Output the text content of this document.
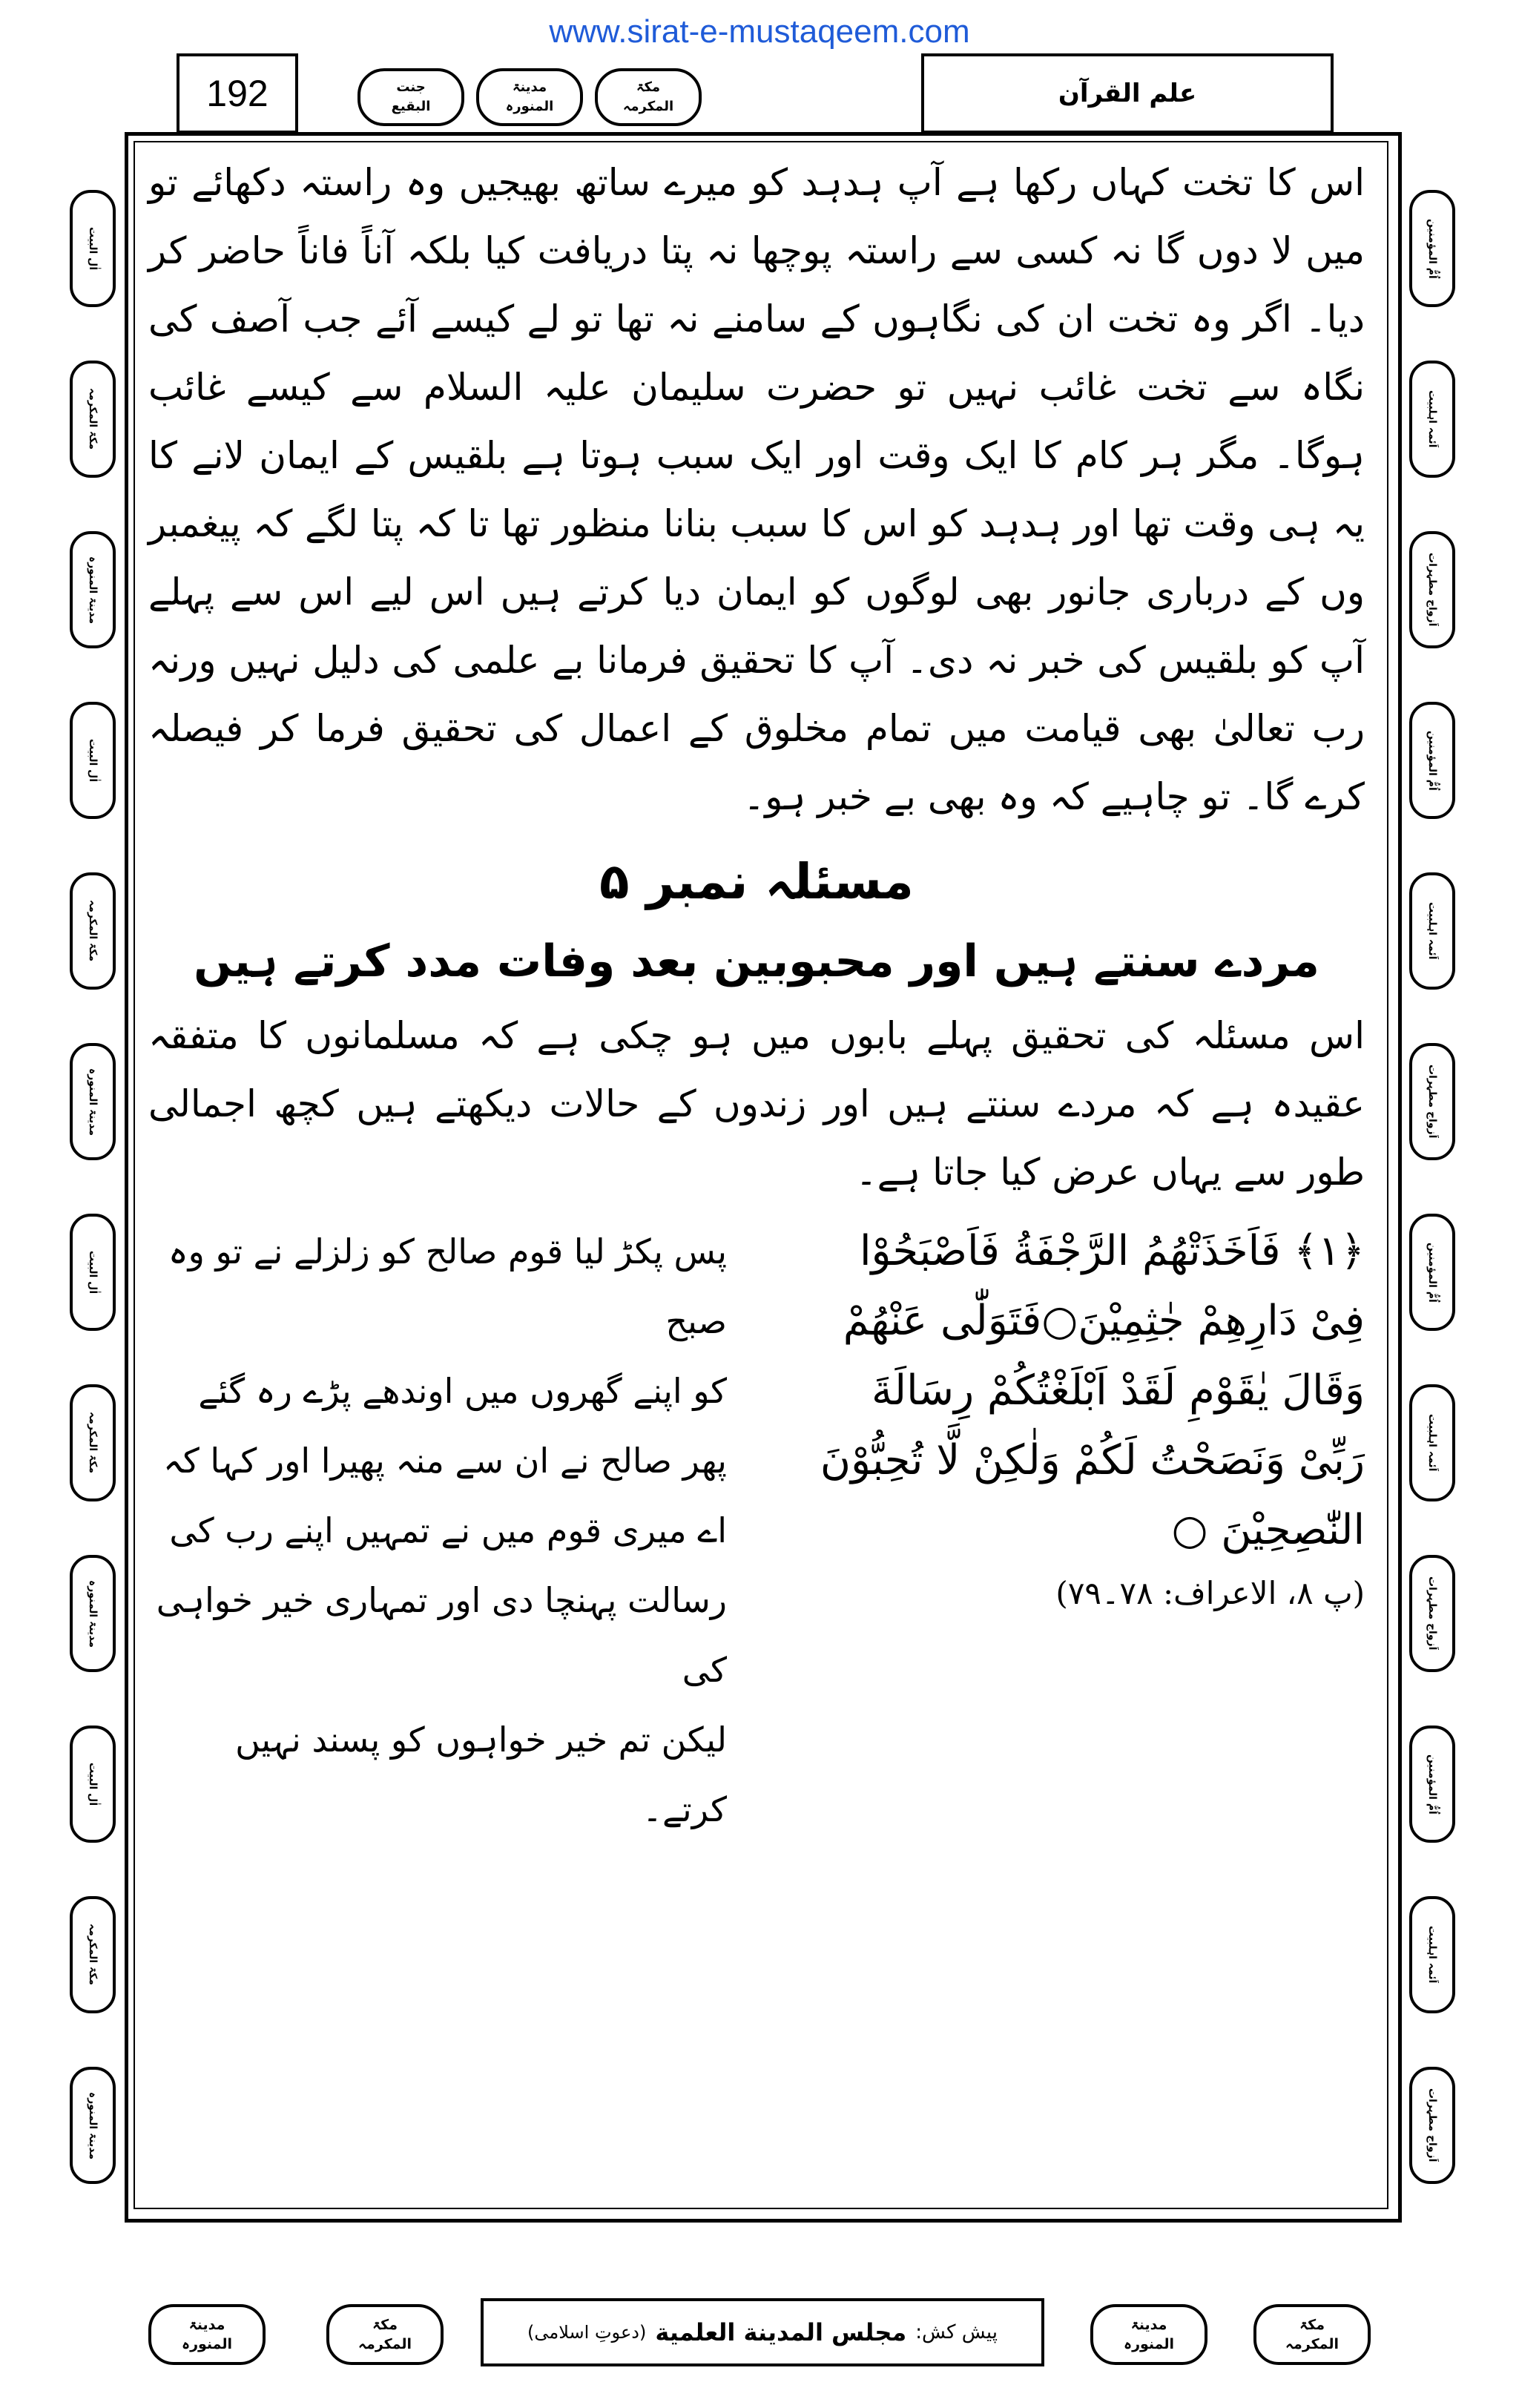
www.sirat-e-mustaqeem.com
192	جنت
البقیع
مدینۃ
المنورہ
مکۃ
المکرمہ	علم القرآن
اٰل البیت
مکۃ المکرمہ
مدینۃ المنورہ
اٰل البیت
مکۃ المکرمہ
مدینۃ المنورہ
اٰل البیت
مکۃ المکرمہ
مدینۃ المنورہ
اٰل البیت
مکۃ المکرمہ
مدینۃ المنورہ
اُمُّ المؤمنین
اَئمہ اہلبیت
اَزواج مطہرات
اُمُّ المؤمنین
اَئمہ اہلبیت
اَزواج مطہرات
اُمُّ المؤمنین
اَئمہ اہلبیت
اَزواج مطہرات
اُمُّ المؤمنین
اَئمہ اہلبیت
اَزواج مطہرات
اس کا تخت کہاں رکھا ہے آپ ہدہد کو میرے ساتھ بھیجیں وہ راستہ دکھائے تو میں لا دوں گا نہ کسی سے راستہ پوچھا نہ پتا دریافت کیا بلکہ آناً فاناً حاضر کر دیا۔ اگر وہ تخت ان کی نگاہوں کے سامنے نہ تھا تو لے کیسے آئے جب آصف کی نگاہ سے تخت غائب نہیں تو حضرت سلیمان علیہ السلام سے کیسے غائب ہوگا۔ مگر ہر کام کا ایک وقت اور ایک سبب ہوتا ہے بلقیس کے ایمان لانے کا یہ ہی وقت تھا اور ہدہد کو اس کا سبب بنانا منظور تھا تا کہ پتا لگے کہ پیغمبر وں کے درباری جانور بھی لوگوں کو ایمان دیا کرتے ہیں اس لیے اس سے پہلے آپ کو بلقیس کی خبر نہ دی۔ آپ کا تحقیق فرمانا بے علمی کی دلیل نہیں ورنہ رب تعالیٰ بھی قیامت میں تمام مخلوق کے اعمال کی تحقیق فرما کر فیصلہ کرے گا۔ تو چاہیے کہ وہ بھی بے خبر ہو۔
مسئلہ نمبر ۵
مردے سنتے ہیں اور محبوبین بعد وفات مدد کرتے ہیں
اس مسئلہ کی تحقیق پہلے بابوں میں ہو چکی ہے کہ مسلمانوں کا متفقہ عقیدہ ہے کہ مردے سنتے ہیں اور زندوں کے حالات دیکھتے ہیں کچھ اجمالی طور سے یہاں عرض کیا جاتا ہے۔
﴿۱﴾ فَاَخَذَتْهُمُ الرَّجْفَةُ فَاَصْبَحُوْا
فِیْ دَارِهِمْ جٰثِمِیْنَ○فَتَوَلّٰى عَنْهُمْ
وَقَالَ یٰقَوْمِ لَقَدْ اَبْلَغْتُكُمْ رِسَالَةَ
رَبِّیْ وَنَصَحْتُ لَكُمْ وَلٰكِنْ لَّا تُحِبُّوْنَ
النّٰصِحِیْنَ ○
(پ ۸، الاعراف: ۷۸۔۷۹)
پس پکڑ لیا قوم صالح کو زلزلے نے تو وہ صبح
کو اپنے گھروں میں اوندھے پڑے رہ گئے
پھر صالح نے ان سے منہ پھیرا اور کہا کہ
اے میری قوم میں نے تمہیں اپنے رب کی
رسالت پہنچا دی اور تمہاری خیر خواہی کی
لیکن تم خیر خواہوں کو پسند نہیں کرتے۔
مدینۃ
المنورہ
مکۃ
المکرمہ
پیش کش:
مجلس المدینة العلمیة
(دعوتِ اسلامی)	مدینۃ
المنورہ
مکۃ
المکرمہ
